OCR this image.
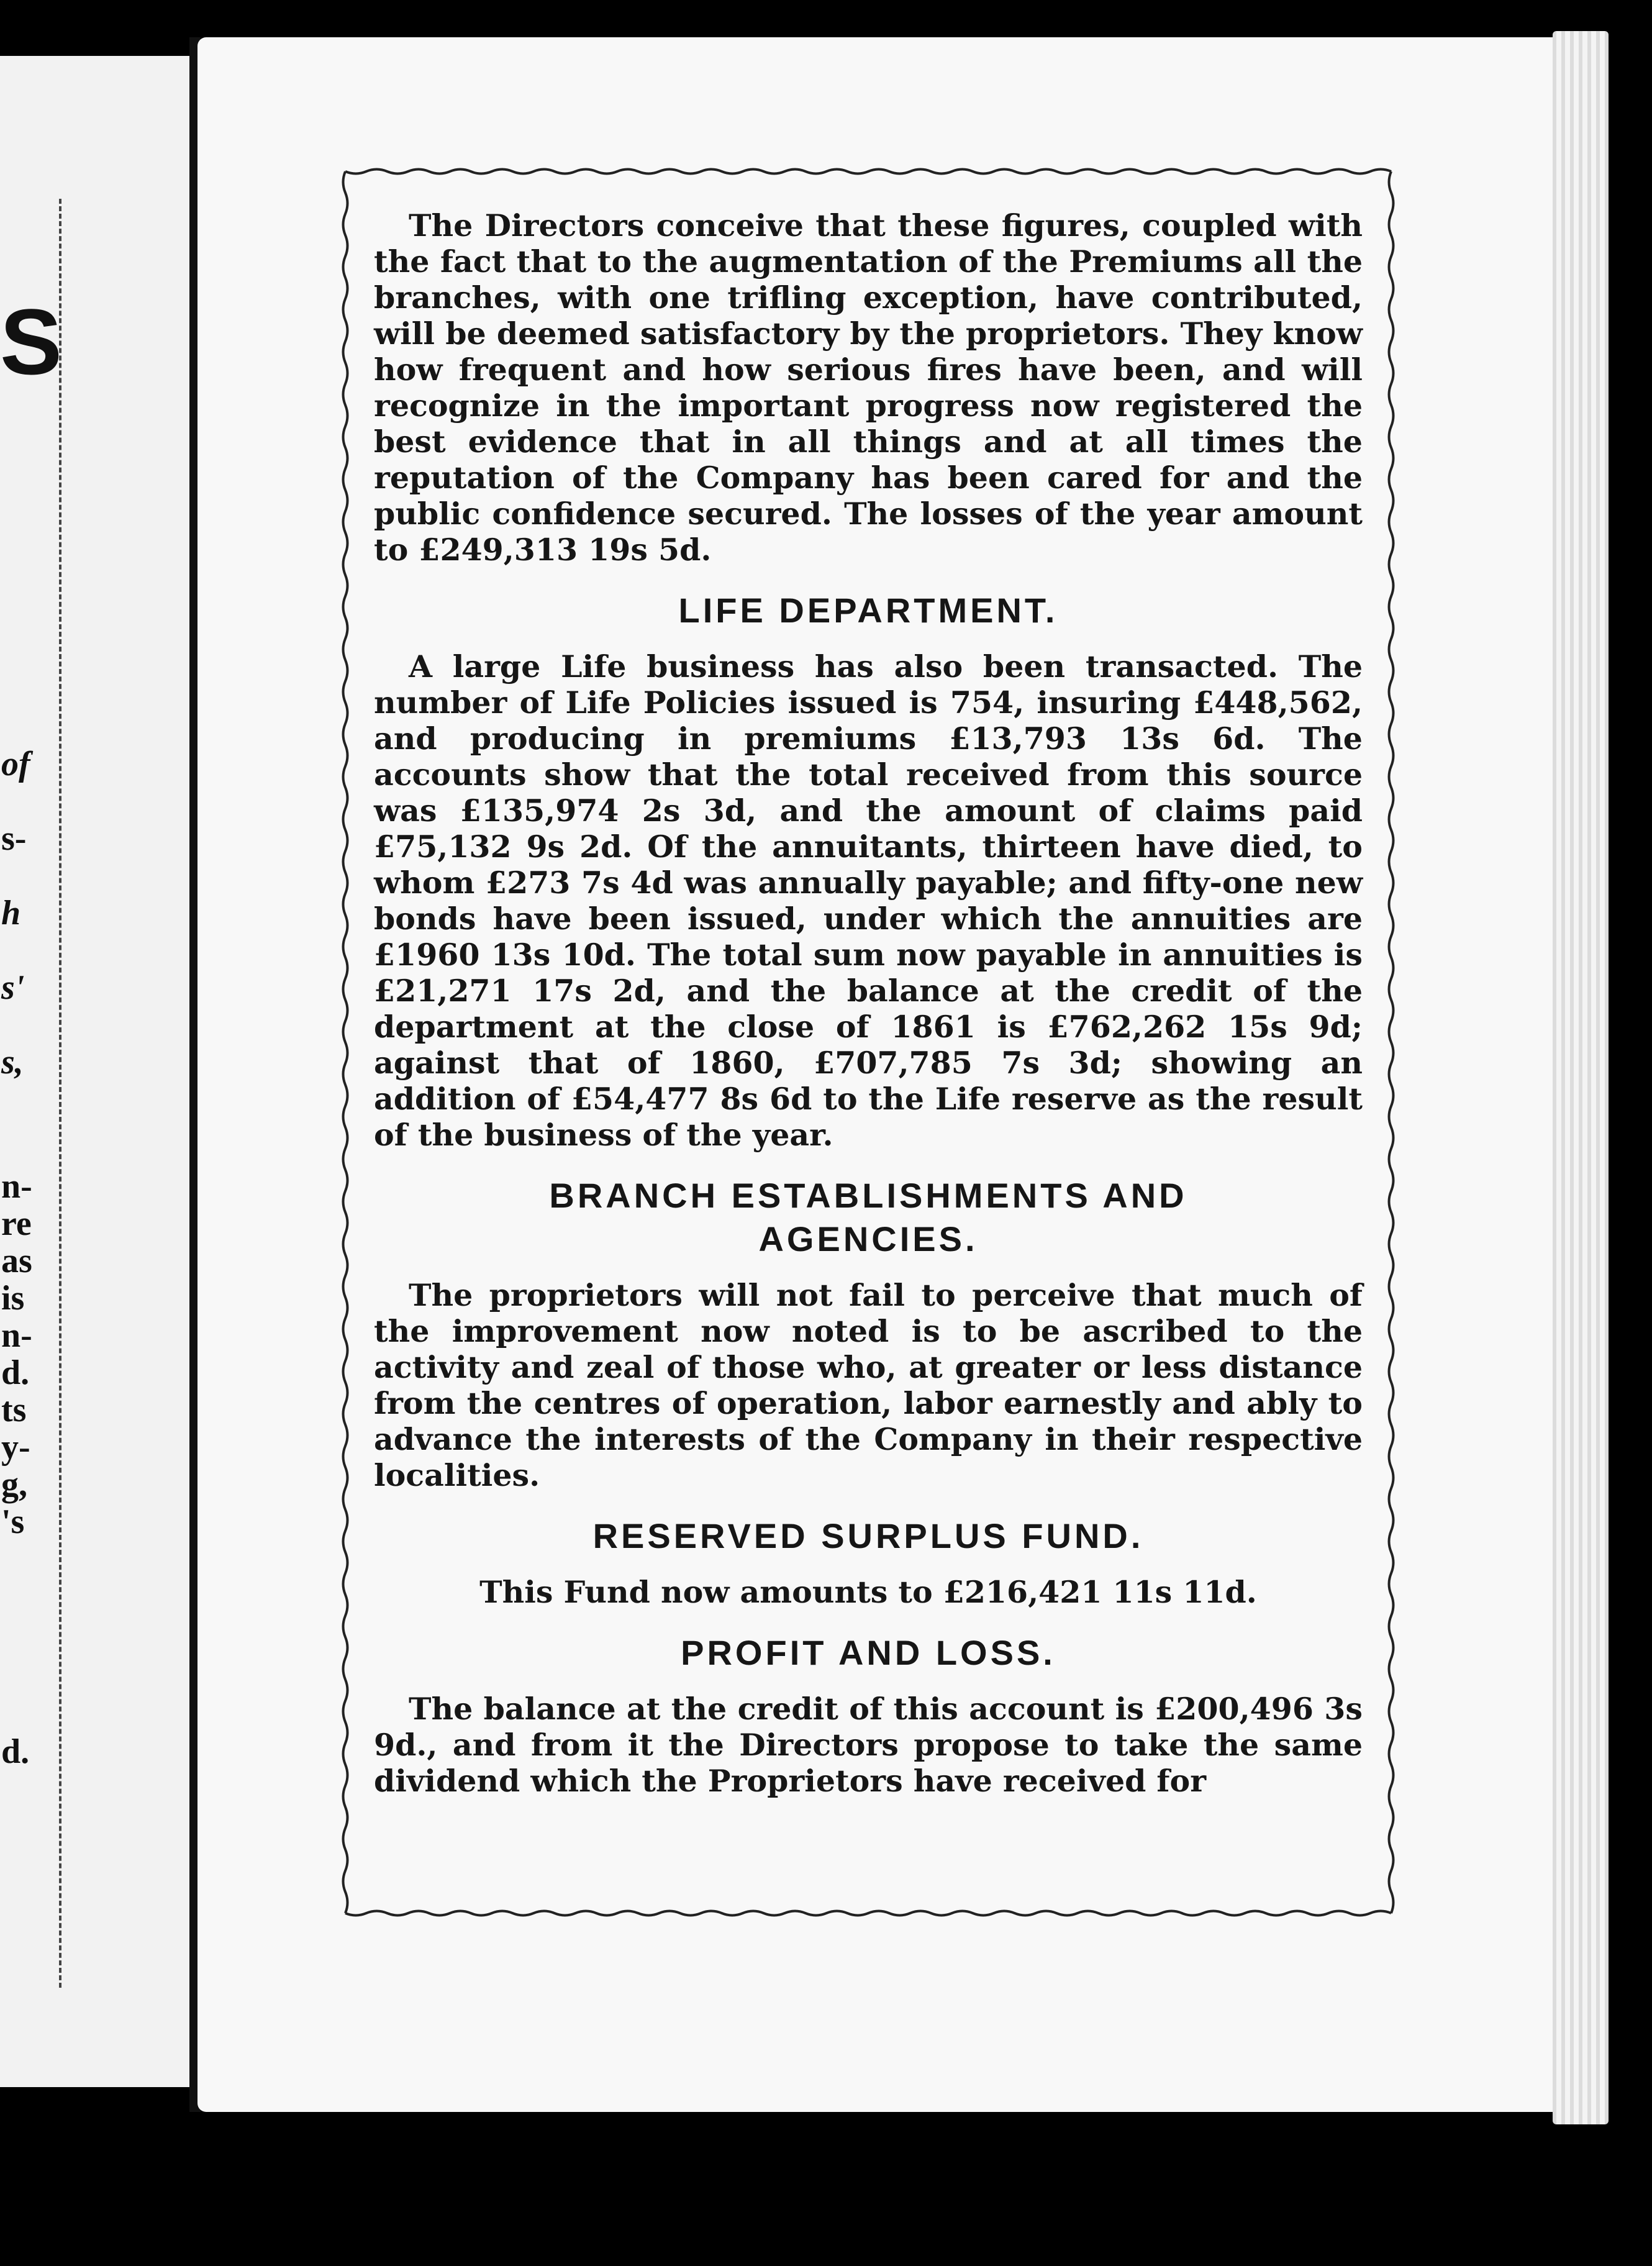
S
of
s-
h
s'
s,
n-
re
as
is
n-
d.
ts
y-
g,
's
d.

The Directors conceive that these figures, coupled with the fact that to the augmentation of the Premiums all the branches, with one trifling exception, have contributed, will be deemed satisfactory by the proprietors. They know how frequent and how serious fires have been, and will recognize in the important progress now registered the best evidence that in all things and at all times the reputation of the Company has been cared for and the public confidence secured. The losses of the year amount to £249,313 19s 5d.

LIFE DEPARTMENT.

A large Life business has also been transacted. The number of Life Policies issued is 754, insuring £448,562, and producing in premiums £13,793 13s 6d. The accounts show that the total received from this source was £135,974 2s 3d, and the amount of claims paid £75,132 9s 2d. Of the annuitants, thirteen have died, to whom £273 7s 4d was annually payable; and fifty-one new bonds have been issued, under which the annuities are £1960 13s 10d. The total sum now payable in annuities is £21,271 17s 2d, and the balance at the credit of the department at the close of 1861 is £762,262 15s 9d; against that of 1860, £707,785 7s 3d; showing an addition of £54,477 8s 6d to the Life reserve as the result of the business of the year.

BRANCH ESTABLISHMENTS AND
AGENCIES.

The proprietors will not fail to perceive that much of the improvement now noted is to be ascribed to the activity and zeal of those who, at greater or less distance from the centres of operation, labor earnestly and ably to advance the interests of the Company in their respective localities.

RESERVED SURPLUS FUND.

This Fund now amounts to £216,421 11s 11d.

PROFIT AND LOSS.

The balance at the credit of this account is £200,496 3s 9d., and from it the Directors propose to take the same dividend which the Proprietors have received for
